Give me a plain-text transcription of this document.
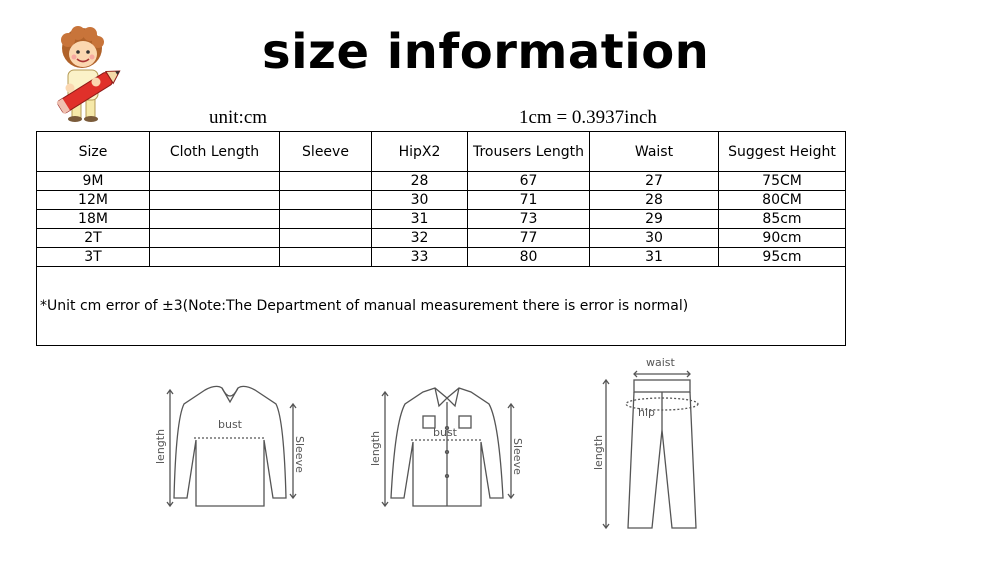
size information
unit:cm	1cm = 0.3937inch
Size	Cloth Length	Sleeve	HipX2	Trousers Length	Waist	Suggest Height
9M			28	67	27	75CM
12M			30	71	28	80CM
18M			31	73	29	85cm
2T			32	77	30	90cm
3T			33	80	31	95cm
*Unit cm error of ±3(Note:The Department of manual measurement there is error is normal)						
bust
length	Sleeve
bust
length	Sleeve
waist
hip
length
